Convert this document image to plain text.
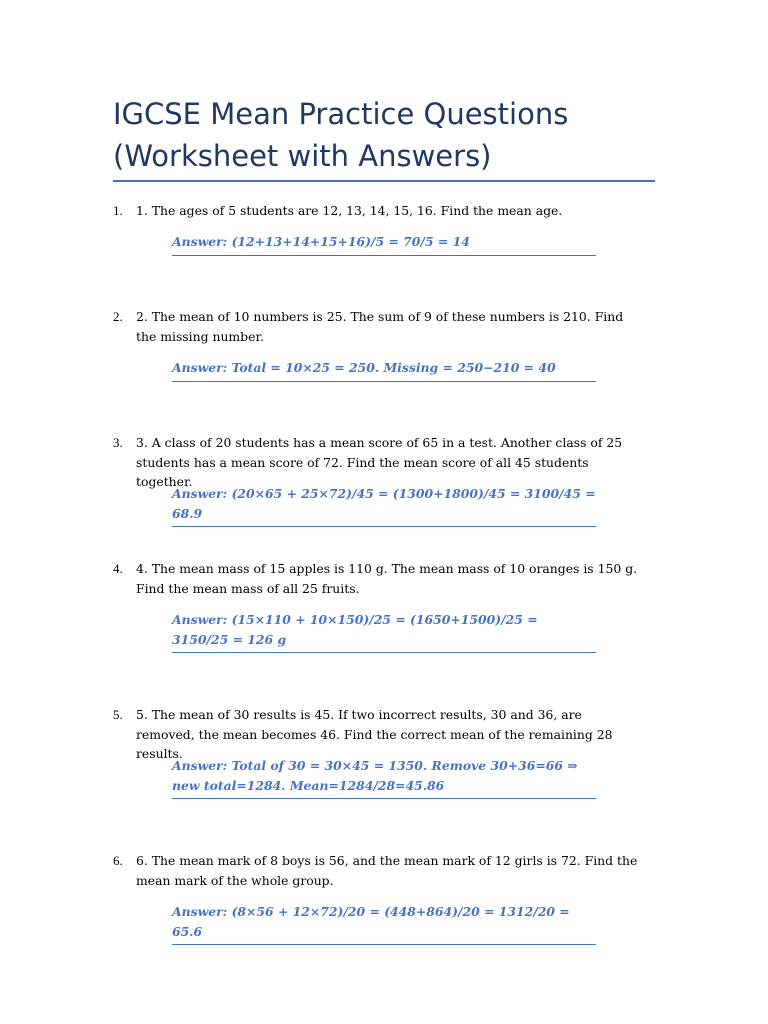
IGCSE Mean Practice Questions (Worksheet with Answers)
1. 1. The ages of 5 students are 12, 13, 14, 15, 16. Find the mean age.
Answer: (12+13+14+15+16)/5 = 70/5 = 14
2. 2. The mean of 10 numbers is 25. The sum of 9 of these numbers is 210. Find the missing number.
Answer: Total = 10×25 = 250. Missing = 250−210 = 40
3. 3. A class of 20 students has a mean score of 65 in a test. Another class of 25 students has a mean score of 72. Find the mean score of all 45 students together.
Answer: (20×65 + 25×72)/45 = (1300+1800)/45 = 3100/45 = 68.9
4. 4. The mean mass of 15 apples is 110 g. The mean mass of 10 oranges is 150 g. Find the mean mass of all 25 fruits.
Answer: (15×110 + 10×150)/25 = (1650+1500)/25 = 3150/25 = 126 g
5. 5. The mean of 30 results is 45. If two incorrect results, 30 and 36, are removed, the mean becomes 46. Find the correct mean of the remaining 28 results.
Answer: Total of 30 = 30×45 = 1350. Remove 30+36=66 ⇒ new total=1284. Mean=1284/28=45.86
6. 6. The mean mark of 8 boys is 56, and the mean mark of 12 girls is 72. Find the mean mark of the whole group.
Answer: (8×56 + 12×72)/20 = (448+864)/20 = 1312/20 = 65.6
